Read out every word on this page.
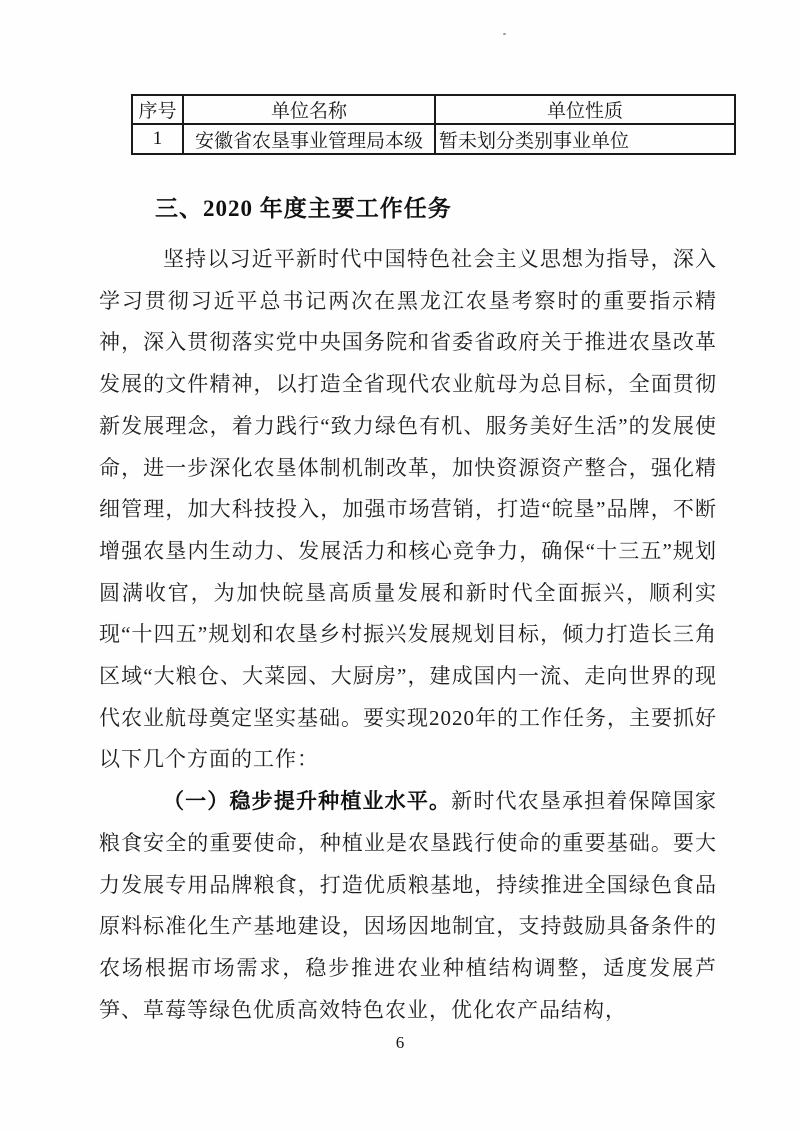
序号	单位名称	单位性质
1	安徽省农垦事业管理局本级	暂未划分类别事业单位
三、2020 年度主要工作任务

坚持以习近平新时代中国特色社会主义思想为指导，深入学习贯彻习近平总书记两次在黑龙江农垦考察时的重要指示精神，深入贯彻落实党中央国务院和省委省政府关于推进农垦改革发展的文件精神，以打造全省现代农业航母为总目标，全面贯彻新发展理念，着力践行“致力绿色有机、服务美好生活”的发展使命，进一步深化农垦体制机制改革，加快资源资产整合，强化精细管理，加大科技投入，加强市场营销，打造“皖垦”品牌，不断增强农垦内生动力、发展活力和核心竞争力，确保“十三五”规划圆满收官，为加快皖垦高质量发展和新时代全面振兴，顺利实现“十四五”规划和农垦乡村振兴发展规划目标，倾力打造长三角区域“大粮仓、大菜园、大厨房”，建成国内一流、走向世界的现代农业航母奠定坚实基础。要实现2020年的工作任务，主要抓好以下几个方面的工作：

（一）稳步提升种植业水平。新时代农垦承担着保障国家粮食安全的重要使命，种植业是农垦践行使命的重要基础。要大力发展专用品牌粮食，打造优质粮基地，持续推进全国绿色食品原料标准化生产基地建设，因场因地制宜，支持鼓励具备条件的农场根据市场需求，稳步推进农业种植结构调整，适度发展芦笋、草莓等绿色优质高效特色农业，优化农产品结构，

6
